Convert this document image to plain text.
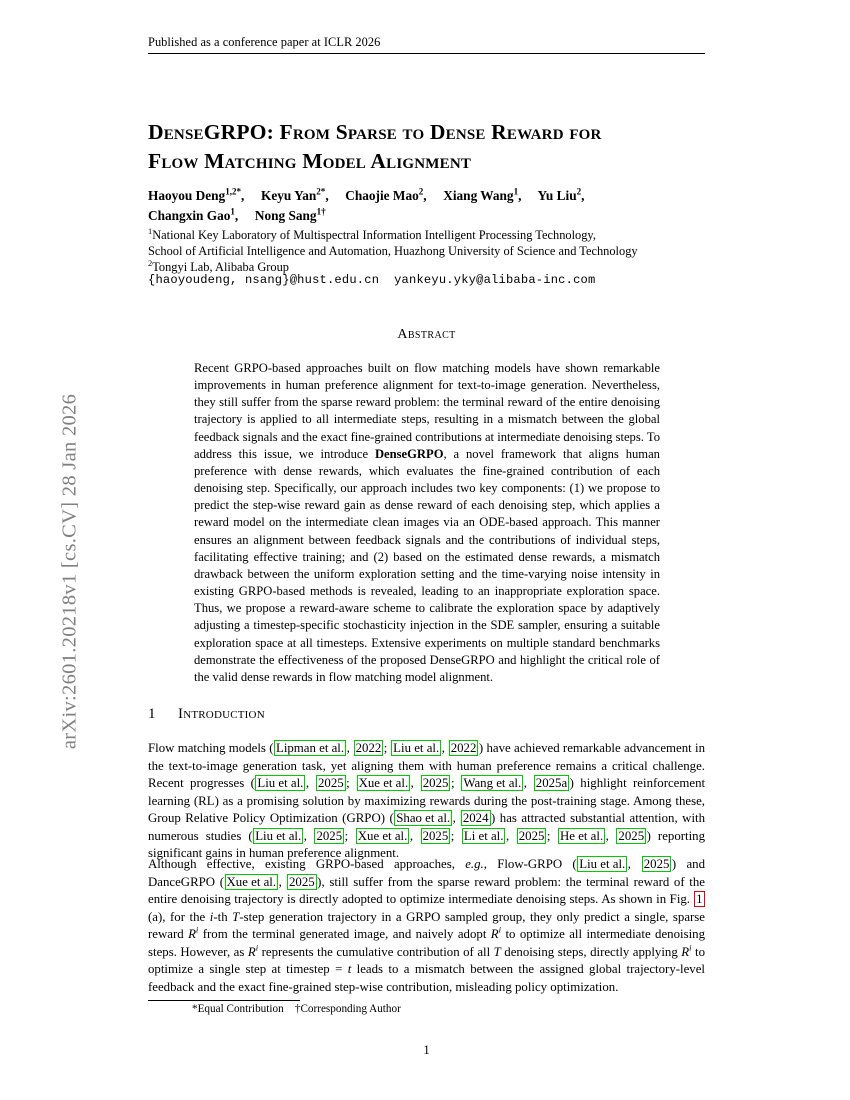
arXiv:2601.20218v1 [cs.CV] 28 Jan 2026
Published as a conference paper at ICLR 2026
DenseGRPO: From Sparse to Dense Reward for
Flow Matching Model Alignment
Haoyou Deng$^{1,2*}$,  Keyu Yan$^{2*}$,  Chaojie Mao$^2$,  Xiang Wang$^1$,  Yu Liu$^2$, 
Changxin Gao$^1$,  Nong Sang$^{1\dagger}$
$^1$National Key Laboratory of Multispectral Information Intelligent Processing Technology,
School of Artificial Intelligence and Automation, Huazhong University of Science and Technology
$^2$Tongyi Lab, Alibaba Group
{haoyoudeng, nsang}@hust.edu.cn  yankeyu.yky@alibaba-inc.com
Abstract
Recent GRPO-based approaches built on flow matching models have shown remarkable improvements in human preference alignment for text-to-image generation. Nevertheless, they still suffer from the sparse reward problem: the terminal reward of the entire denoising trajectory is applied to all intermediate steps, resulting in a mismatch between the global feedback signals and the exact fine-grained contributions at intermediate denoising steps. To address this issue, we introduce DenseGRPO, a novel framework that aligns human preference with dense rewards, which evaluates the fine-grained contribution of each denoising step. Specifically, our approach includes two key components: (1) we propose to predict the step-wise reward gain as dense reward of each denoising step, which applies a reward model on the intermediate clean images via an ODE-based approach. This manner ensures an alignment between feedback signals and the contributions of individual steps, facilitating effective training; and (2) based on the estimated dense rewards, a mismatch drawback between the uniform exploration setting and the time-varying noise intensity in existing GRPO-based methods is revealed, leading to an inappropriate exploration space. Thus, we propose a reward-aware scheme to calibrate the exploration space by adaptively adjusting a timestep-specific stochasticity injection in the SDE sampler, ensuring a suitable exploration space at all timesteps. Extensive experiments on multiple standard benchmarks demonstrate the effectiveness of the proposed DenseGRPO and highlight the critical role of the valid dense rewards in flow matching model alignment.
1 Introduction
Flow matching models ( Lipman et al. , 2022 ; Liu et al. , 2022 ) have achieved remarkable advancement in the text-to-image generation task, yet aligning them with human preference remains a critical challenge. Recent progresses ( Liu et al. , 2025 ; Xue et al. , 2025 ; Wang et al. , 2025a ) highlight reinforcement learning (RL) as a promising solution by maximizing rewards during the post-training stage. Among these, Group Relative Policy Optimization (GRPO) ( Shao et al. , 2024 ) has attracted substantial attention, with numerous studies ( Liu et al. , 2025 ; Xue et al. , 2025 ; Li et al. , 2025 ; He et al. , 2025 ) reporting significant gains in human preference alignment.
Although effective, existing GRPO-based approaches, e.g., Flow-GRPO ( Liu et al. , 2025 ) and DanceGRPO ( Xue et al. , 2025 ), still suffer from the sparse reward problem: the terminal reward of the entire denoising trajectory is directly adopted to optimize intermediate denoising steps. As shown in Fig. 1 (a), for the i-th T-step generation trajectory in a GRPO sampled group, they only predict a single, sparse reward $R^i$ from the terminal generated image, and naively adopt $R^i$ to optimize all intermediate denoising steps. However, as $R^i$ represents the cumulative contribution of all T denoising steps, directly applying $R^i$ to optimize a single step at timestep = t leads to a mismatch between the assigned global trajectory-level feedback and the exact fine-grained step-wise contribution, misleading policy optimization.
*Equal Contribution    †Corresponding Author
1
